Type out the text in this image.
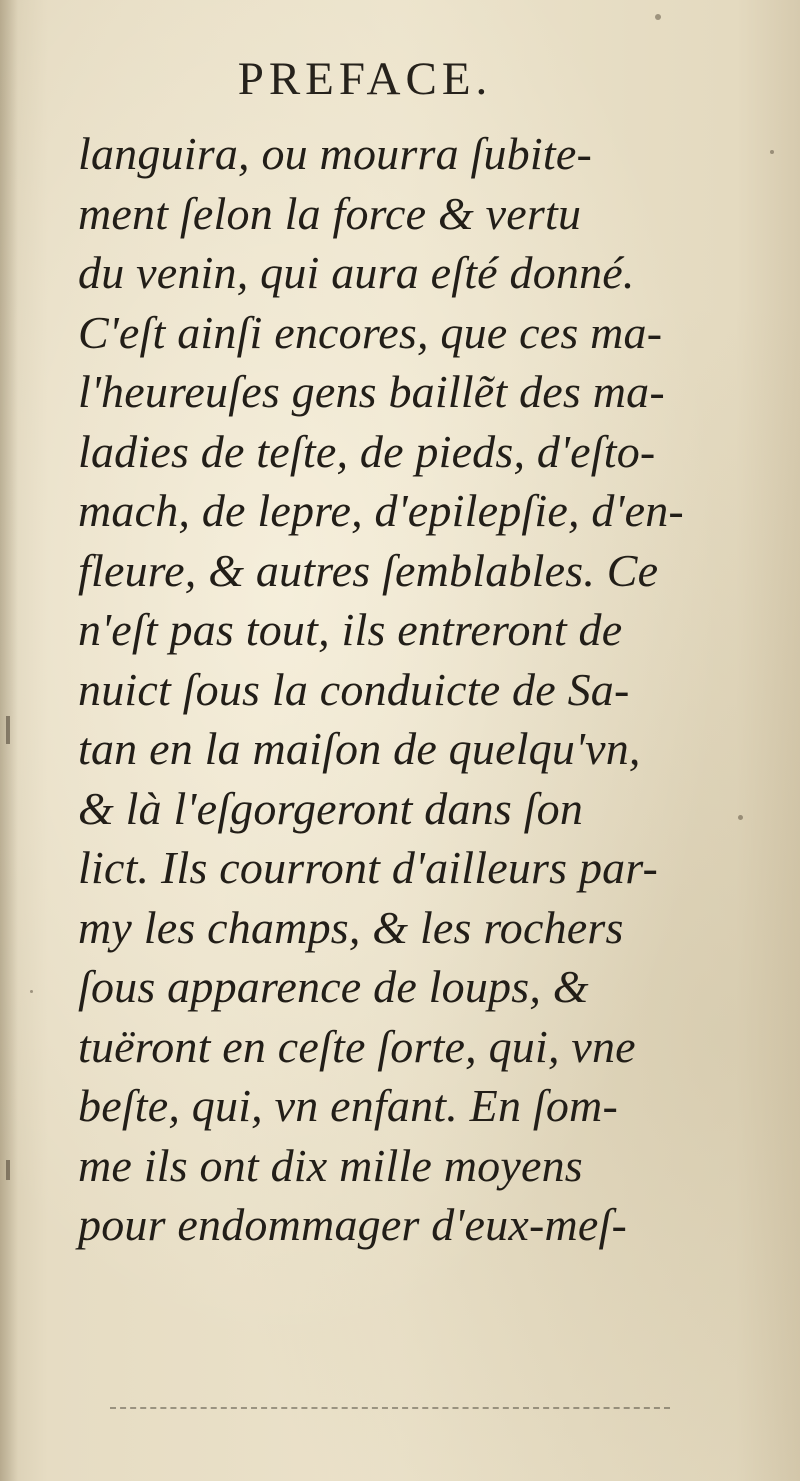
PREFACE.
languira, ou mourra ſubite-
ment ſelon la force & vertu
du venin, qui aura eſté donné.
C'eſt ainſi encores, que ces ma-
l'heureuſes gens baillẽt des ma-
ladies de teſte, de pieds, d'eſto-
mach, de lepre, d'epilepſie, d'en-
fleure, & autres ſemblables. Ce
n'eſt pas tout, ils entreront de
nuict ſous la conduicte de Sa-
tan en la maiſon de quelqu'vn,
& là l'eſgorgeront dans ſon
lict. Ils courront d'ailleurs par-
my les champs, & les rochers
ſous apparence de loups, &
tuëront en ceſte ſorte, qui, vne
beſte, qui, vn enfant. En ſom-
me ils ont dix mille moyens
pour endommager d'eux-meſ-
